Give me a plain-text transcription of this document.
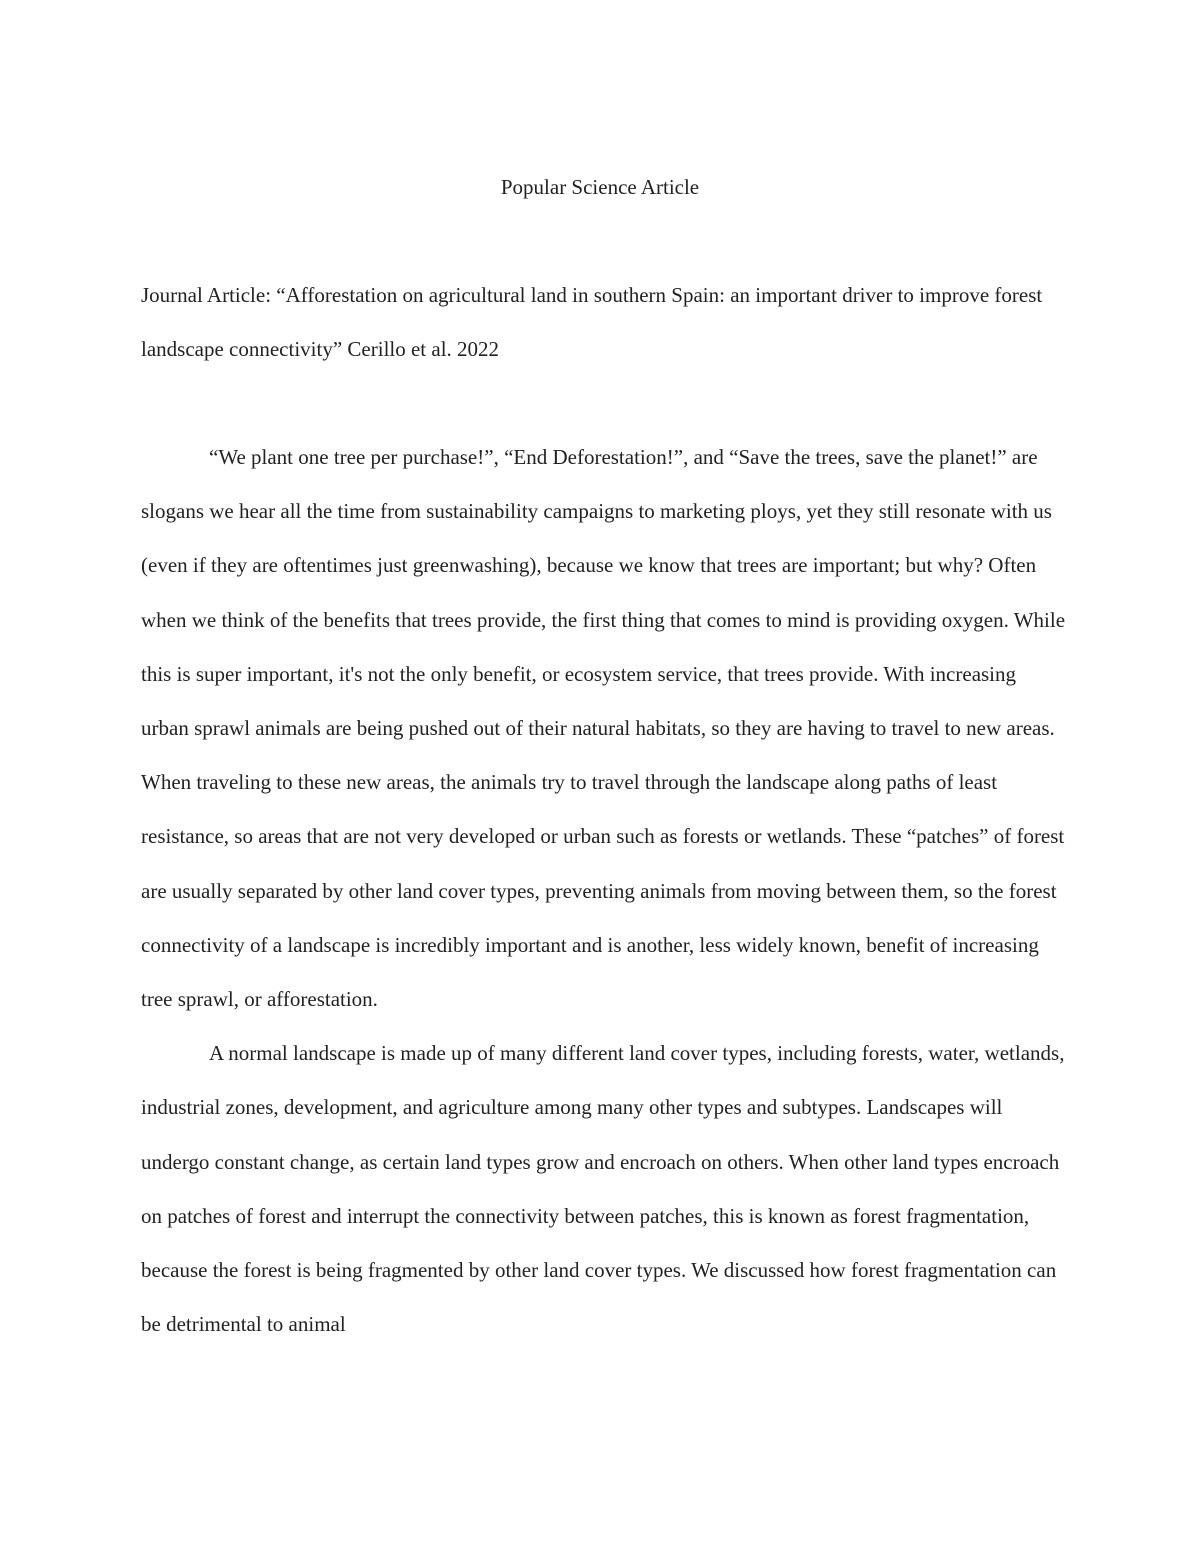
Popular Science Article

Journal Article: “Afforestation on agricultural land in southern Spain: an important driver to improve forest landscape connectivity” Cerillo et al. 2022

“We plant one tree per purchase!”, “End Deforestation!”, and “Save the trees, save the planet!” are slogans we hear all the time from sustainability campaigns to marketing ploys, yet they still resonate with us (even if they are oftentimes just greenwashing), because we know that trees are important; but why? Often when we think of the benefits that trees provide, the first thing that comes to mind is providing oxygen. While this is super important, it's not the only benefit, or ecosystem service, that trees provide. With increasing urban sprawl animals are being pushed out of their natural habitats, so they are having to travel to new areas. When traveling to these new areas, the animals try to travel through the landscape along paths of least resistance, so areas that are not very developed or urban such as forests or wetlands. These “patches” of forest are usually separated by other land cover types, preventing animals from moving between them, so the forest connectivity of a landscape is incredibly important and is another, less widely known, benefit of increasing tree sprawl, or afforestation.

A normal landscape is made up of many different land cover types, including forests, water, wetlands, industrial zones, development, and agriculture among many other types and subtypes. Landscapes will undergo constant change, as certain land types grow and encroach on others. When other land types encroach on patches of forest and interrupt the connectivity between patches, this is known as forest fragmentation, because the forest is being fragmented by other land cover types. We discussed how forest fragmentation can be detrimental to animal
